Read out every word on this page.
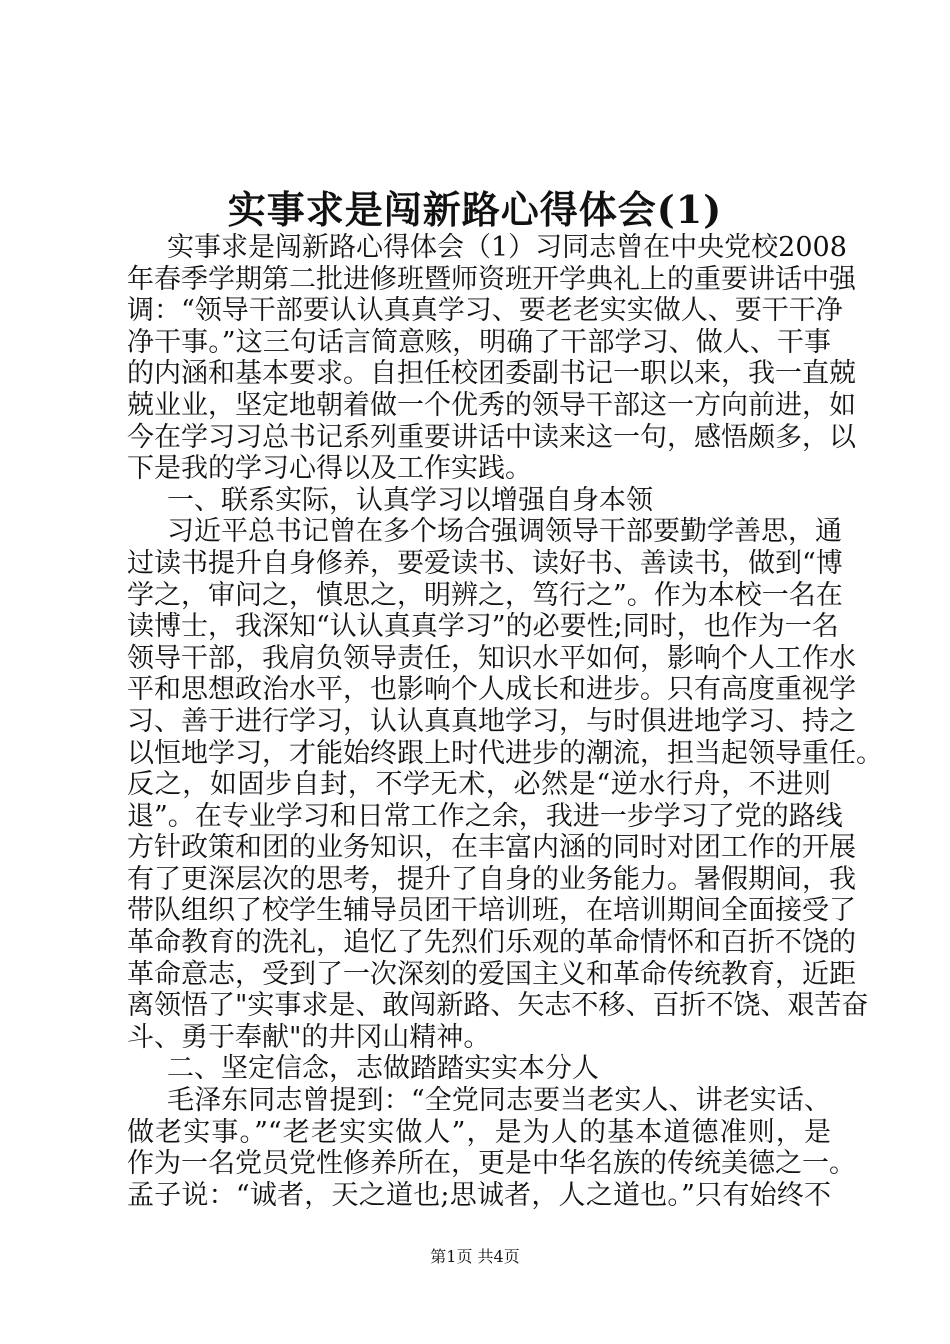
实事求是闯新路心得体会(1)
实事求是闯新路心得体会（1）习同志曾在中央党校2008
年春季学期第二批进修班暨师资班开学典礼上的重要讲话中强
调：“领导干部要认认真真学习、要老老实实做人、要干干净
净干事。”这三句话言简意赅，明确了干部学习、做人、干事
的内涵和基本要求。自担任校团委副书记一职以来，我一直兢
兢业业，坚定地朝着做一个优秀的领导干部这一方向前进，如
今在学习习总书记系列重要讲话中读来这一句，感悟颇多，以
下是我的学习心得以及工作实践。
一、联系实际，认真学习以增强自身本领
习近平总书记曾在多个场合强调领导干部要勤学善思，通
过读书提升自身修养，要爱读书、读好书、善读书，做到“博
学之，审问之，慎思之，明辨之，笃行之”。作为本校一名在
读博士，我深知“认认真真学习”的必要性;同时，也作为一名
领导干部，我肩负领导责任，知识水平如何，影响个人工作水
平和思想政治水平，也影响个人成长和进步。只有高度重视学
习、善于进行学习，认认真真地学习，与时俱进地学习、持之
以恒地学习，才能始终跟上时代进步的潮流，担当起领导重任。
反之，如固步自封，不学无术，必然是“逆水行舟，不进则
退”。在专业学习和日常工作之余，我进一步学习了党的路线
方针政策和团的业务知识，在丰富内涵的同时对团工作的开展
有了更深层次的思考，提升了自身的业务能力。暑假期间，我
带队组织了校学生辅导员团干培训班，在培训期间全面接受了
革命教育的洗礼，追忆了先烈们乐观的革命情怀和百折不饶的
革命意志，受到了一次深刻的爱国主义和革命传统教育，近距
离领悟了"实事求是、敢闯新路、矢志不移、百折不饶、艰苦奋
斗、勇于奉献"的井冈山精神。
二、坚定信念，志做踏踏实实本分人
毛泽东同志曾提到：“全党同志要当老实人、讲老实话、
做老实事。”“老老实实做人”，是为人的基本道德准则，是
作为一名党员党性修养所在，更是中华名族的传统美德之一。
孟子说：“诚者，天之道也;思诚者，人之道也。”只有始终不
第1页 共4页
